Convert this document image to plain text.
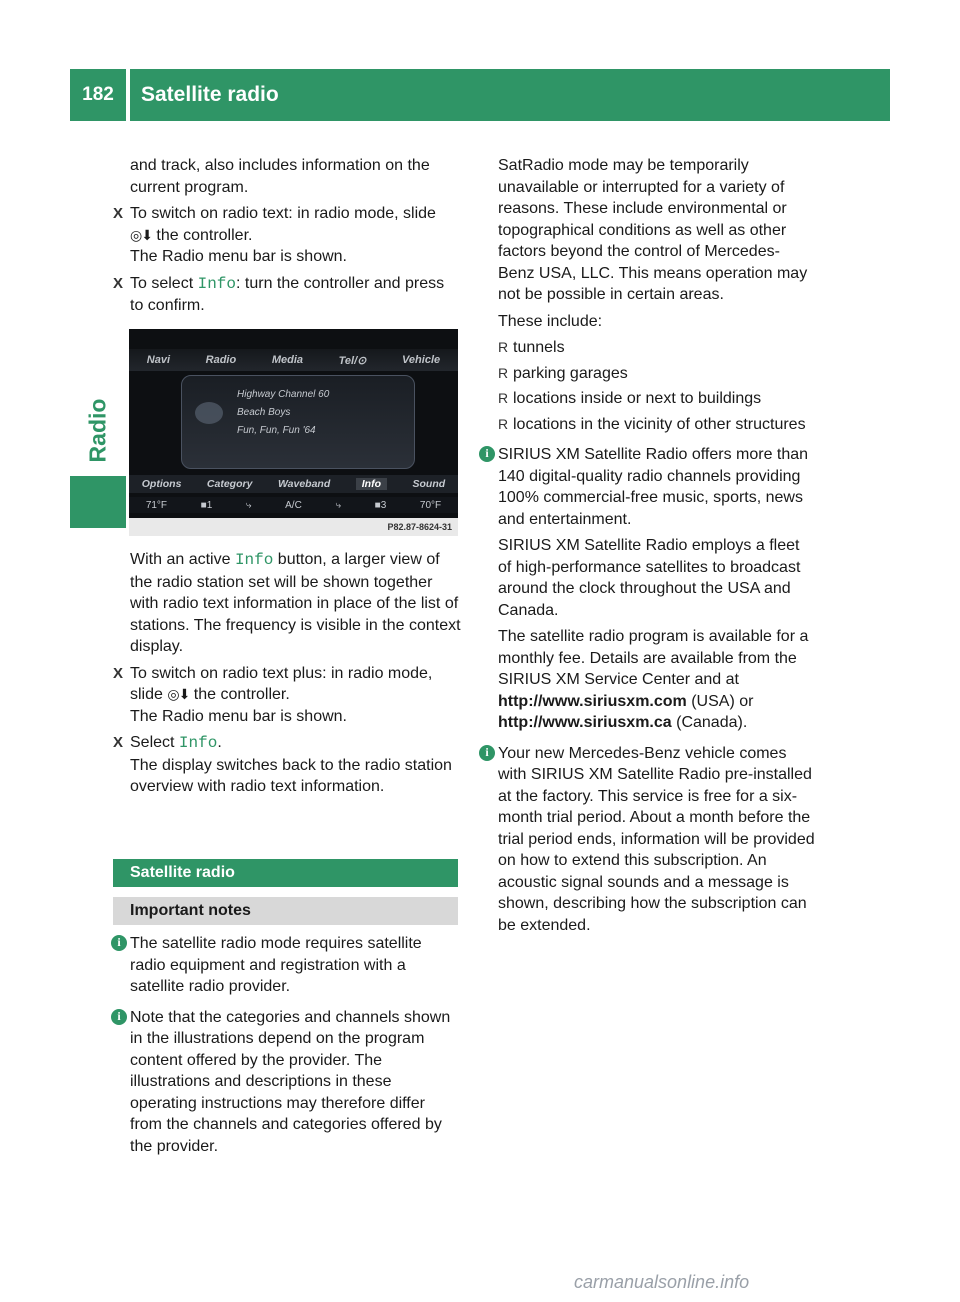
182	Satellite radio
Radio

and track, also includes information on the current program.

X To switch on radio text: in radio mode, slide ◎⬇ the controller.
The Radio menu bar is shown.
X To select Info: turn the controller and press to confirm.
Navi	Radio	Media	Tel/⊙	Vehicle
Highway Channel 60
Beach Boys
Fun, Fun, Fun '64
Options Category Waveband	Info	Sound
71°F	■1	⤷	A/C	⤷	■3	70°F
P82.87-8624-31

With an active Info button, a larger view of the radio station set will be shown together with radio text information in place of the list of stations. The frequency is visible in the context display.

X To switch on radio text plus: in radio mode, slide ◎⬇ the controller.
The Radio menu bar is shown.
X Select Info.
The display switches back to the radio station overview with radio text information.
Satellite radio
Important notes
i The satellite radio mode requires satellite radio equipment and registration with a satellite radio provider.
i Note that the categories and channels shown in the illustrations depend on the program content offered by the provider. The illustrations and descriptions in these operating instructions may therefore differ from the channels and categories offered by the provider.

SatRadio mode may be temporarily unavailable or interrupted for a variety of reasons. These include environmental or topographical conditions as well as other factors beyond the control of Mercedes-Benz USA, LLC. This means operation may not be possible in certain areas.

These include:

R tunnels
R parking garages
R locations inside or next to buildings
R locations in the vicinity of other structures
i SIRIUS XM Satellite Radio offers more than 140 digital-quality radio channels providing 100% commercial-free music, sports, news and entertainment.

SIRIUS XM Satellite Radio employs a fleet of high-performance satellites to broadcast around the clock throughout the USA and Canada.

The satellite radio program is available for a monthly fee. Details are available from the SIRIUS XM Service Center and at
http://www.siriusxm.com (USA) or
http://www.siriusxm.ca (Canada).

i Your new Mercedes-Benz vehicle comes with SIRIUS XM Satellite Radio pre-installed at the factory. This service is free for a six-month trial period. About a month before the trial period ends, information will be provided on how to extend this subscription. An acoustic signal sounds and a message is shown, describing how the subscription can be extended.
carmanualsonline.info
